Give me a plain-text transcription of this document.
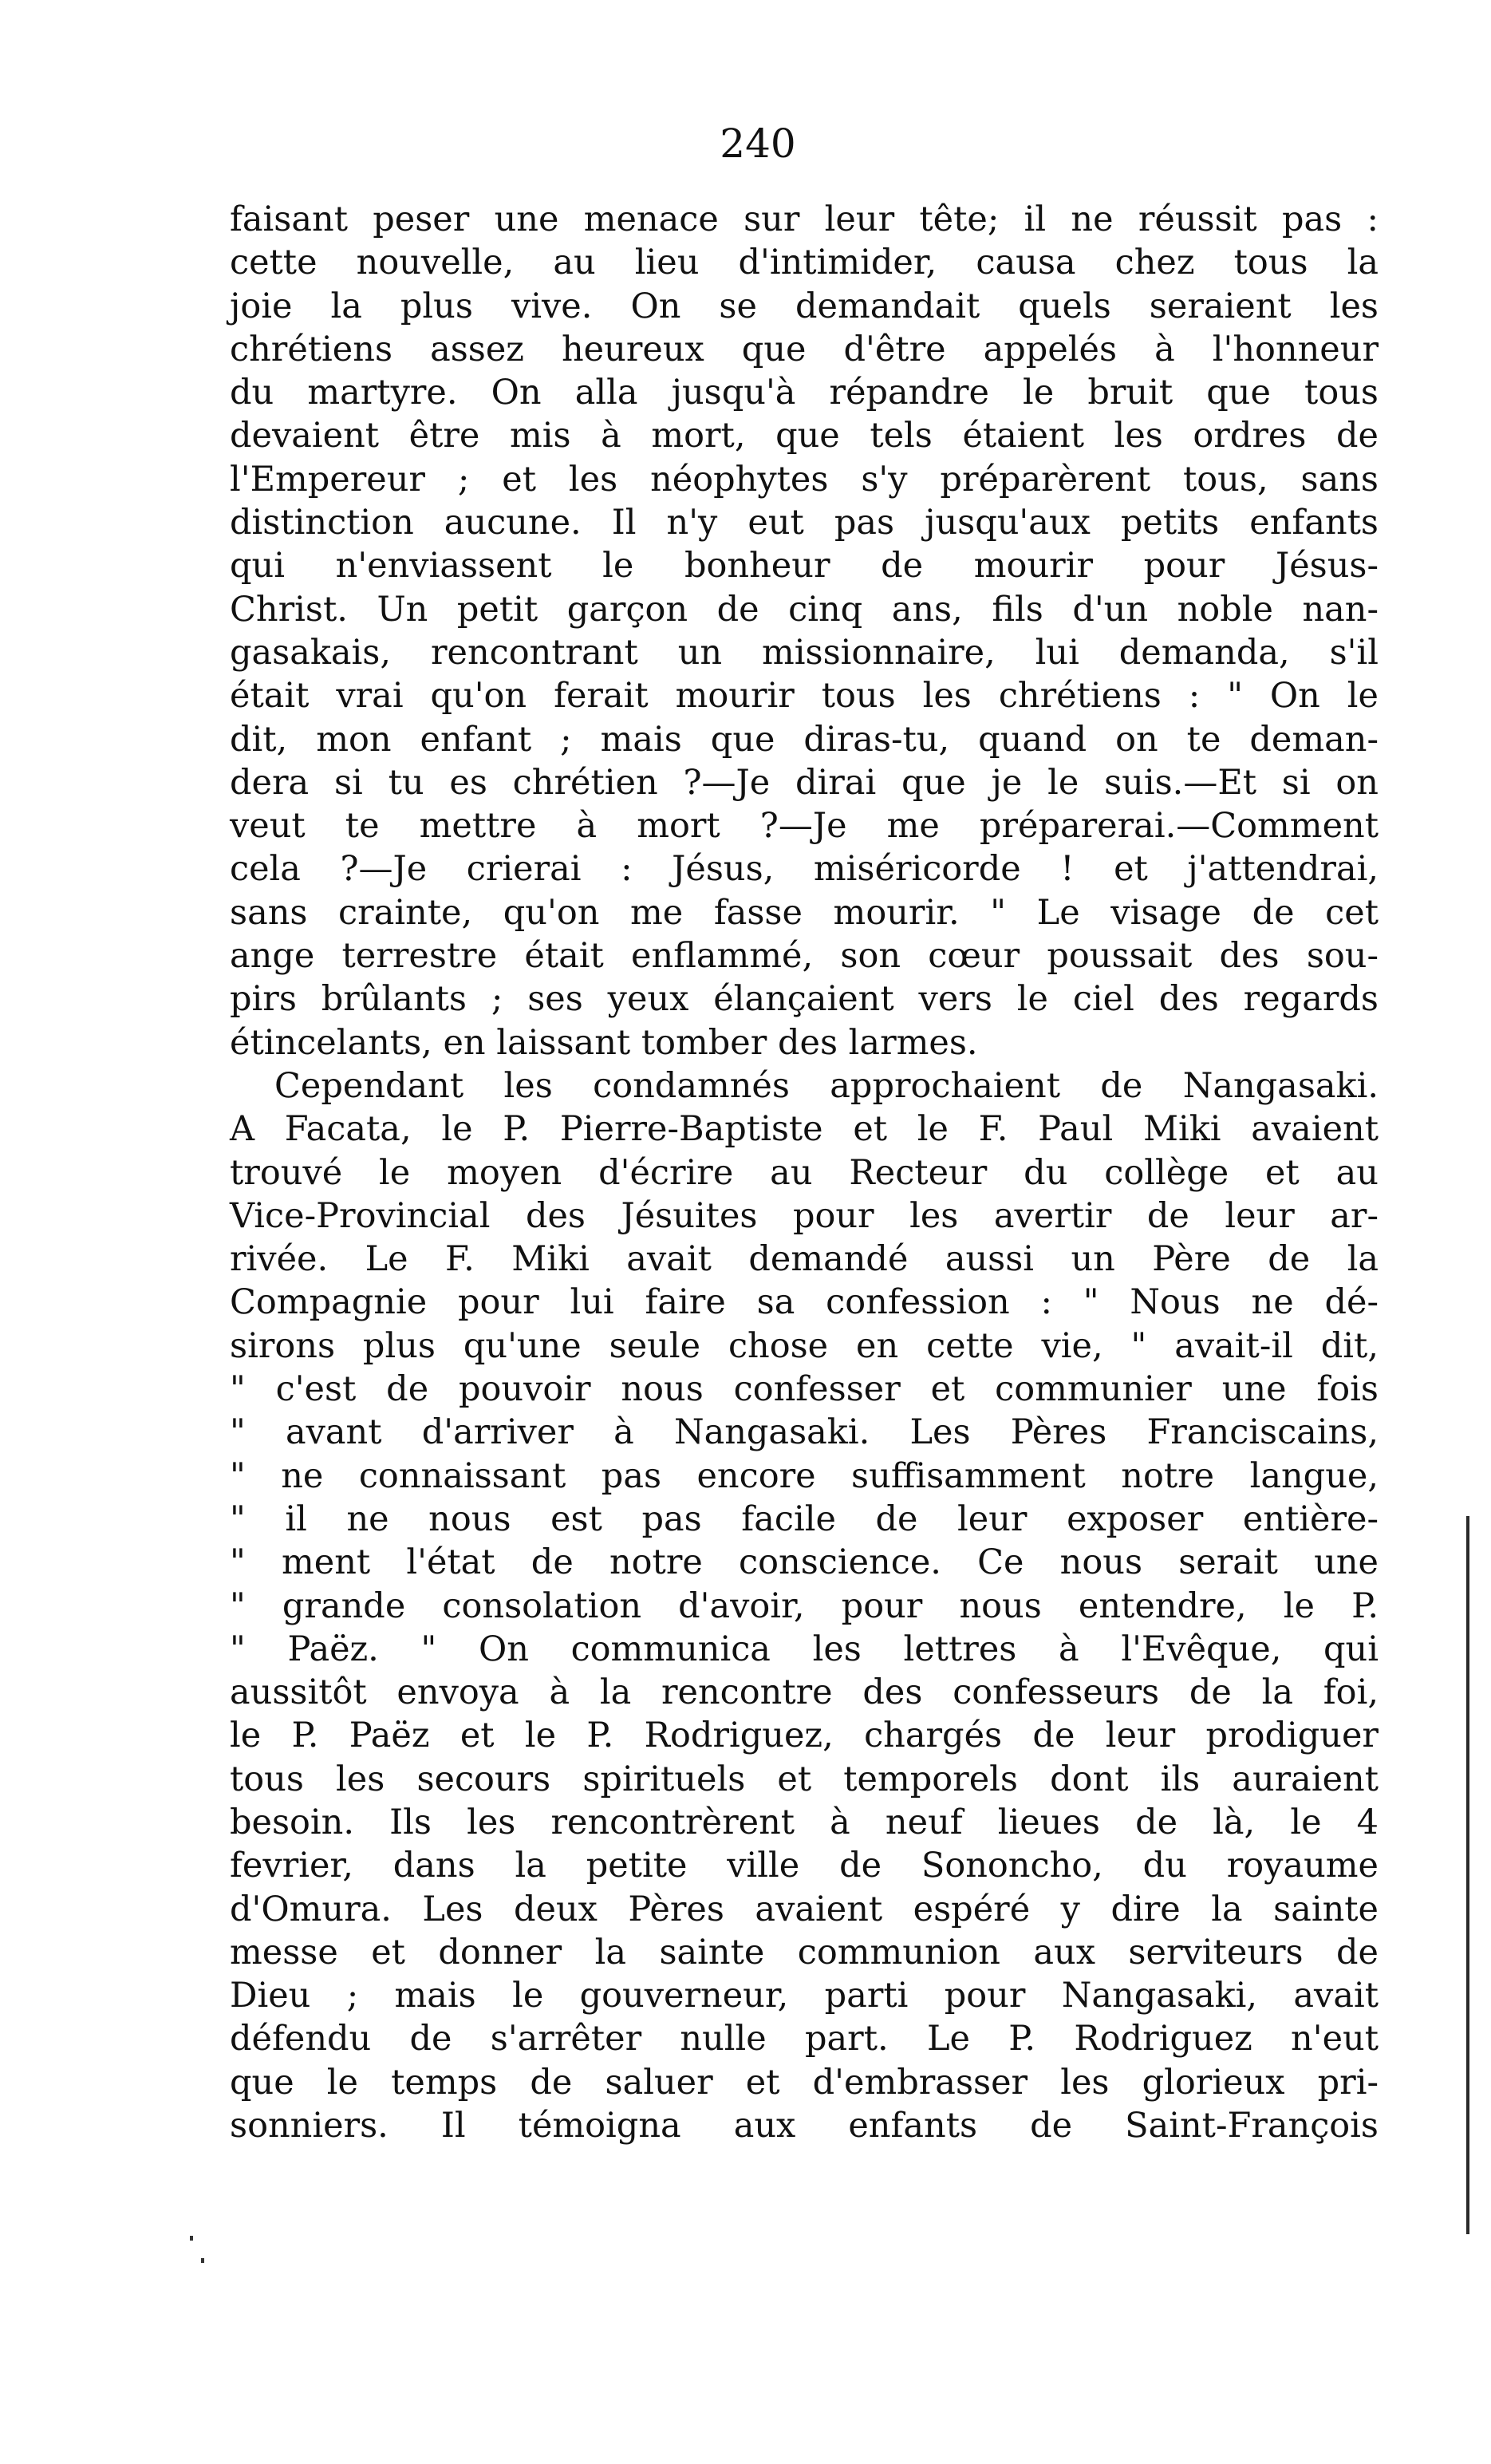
240
faisant peser une menace sur leur tête; il ne réussit pas :
cette nouvelle, au lieu d'intimider, causa chez tous la
joie la plus vive. On se demandait quels seraient les
chrétiens assez heureux que d'être appelés à l'honneur
du martyre. On alla jusqu'à répandre le bruit que tous
devaient être mis à mort, que tels étaient les ordres de
l'Empereur ; et les néophytes s'y préparèrent tous, sans
distinction aucune. Il n'y eut pas jusqu'aux petits enfants
qui n'enviassent le bonheur de mourir pour Jésus-
Christ. Un petit garçon de cinq ans, fils d'un noble nan-
gasakais, rencontrant un missionnaire, lui demanda, s'il
était vrai qu'on ferait mourir tous les chrétiens : " On le
dit, mon enfant ; mais que diras-tu, quand on te deman-
dera si tu es chrétien ?—Je dirai que je le suis.—Et si on
veut te mettre à mort ?—Je me préparerai.—Comment
cela ?—Je crierai : Jésus, miséricorde ! et j'attendrai,
sans crainte, qu'on me fasse mourir. " Le visage de cet
ange terrestre était enflammé, son cœur poussait des sou-
pirs brûlants ; ses yeux élançaient vers le ciel des regards
étincelants, en laissant tomber des larmes.
Cependant les condamnés approchaient de Nangasaki.
A Facata, le P. Pierre-Baptiste et le F. Paul Miki avaient
trouvé le moyen d'écrire au Recteur du collège et au
Vice-Provincial des Jésuites pour les avertir de leur ar-
rivée. Le F. Miki avait demandé aussi un Père de la
Compagnie pour lui faire sa confession : " Nous ne dé-
sirons plus qu'une seule chose en cette vie, " avait-il dit,
" c'est de pouvoir nous confesser et communier une fois
" avant d'arriver à Nangasaki. Les Pères Franciscains,
" ne connaissant pas encore suffisamment notre langue,
" il ne nous est pas facile de leur exposer entière-
" ment l'état de notre conscience. Ce nous serait une
" grande consolation d'avoir, pour nous entendre, le P.
" Paëz. " On communica les lettres à l'Evêque, qui
aussitôt envoya à la rencontre des confesseurs de la foi,
le P. Paëz et le P. Rodriguez, chargés de leur prodiguer
tous les secours spirituels et temporels dont ils auraient
besoin. Ils les rencontrèrent à neuf lieues de là, le 4
fevrier, dans la petite ville de Sononcho, du royaume
d'Omura. Les deux Pères avaient espéré y dire la sainte
messe et donner la sainte communion aux serviteurs de
Dieu ; mais le gouverneur, parti pour Nangasaki, avait
défendu de s'arrêter nulle part. Le P. Rodriguez n'eut
que le temps de saluer et d'embrasser les glorieux pri-
sonniers. Il témoigna aux enfants de Saint-François
